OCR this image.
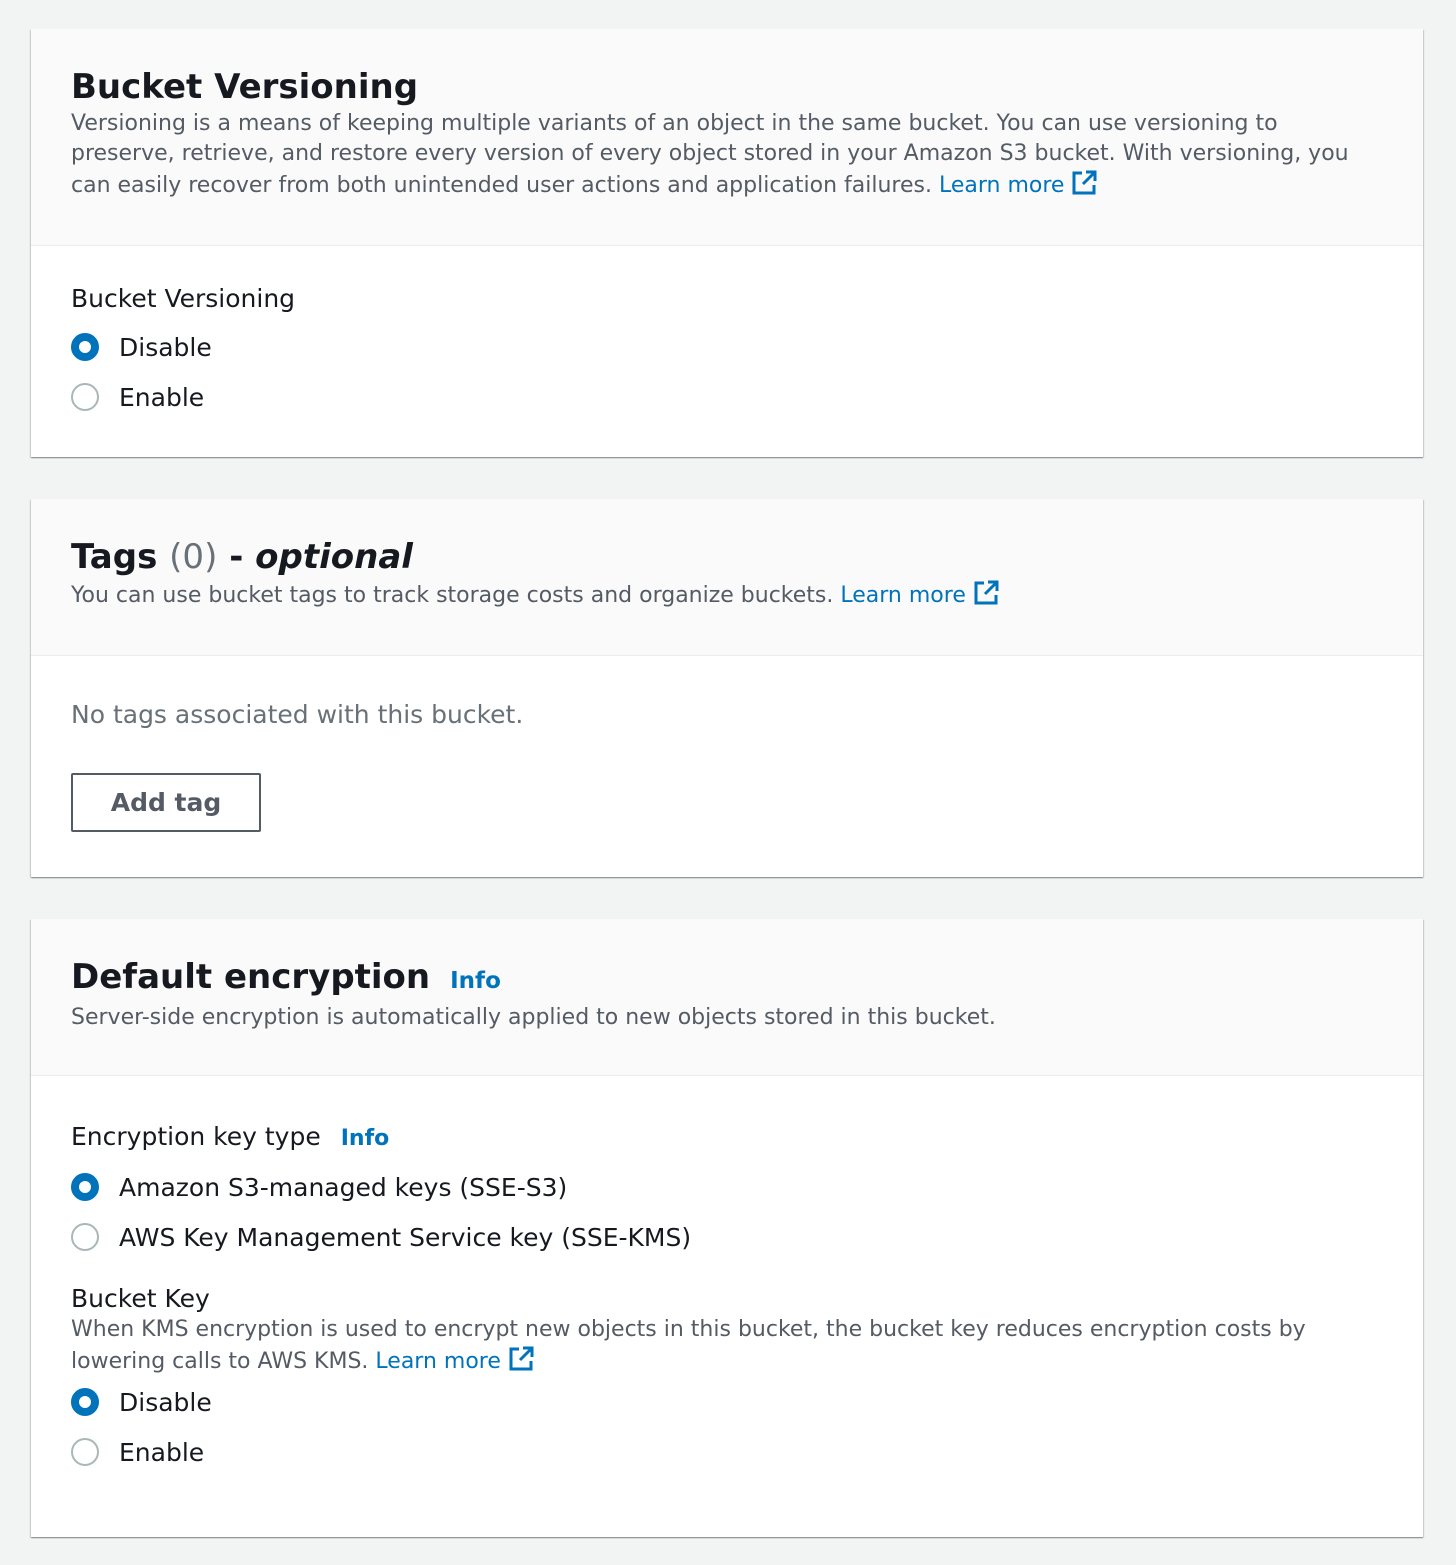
Bucket Versioning
Versioning is a means of keeping multiple variants of an object in the same bucket. You can use versioning to preserve, retrieve, and restore every version of every object stored in your Amazon S3 bucket. With versioning, you can easily recover from both unintended user actions and application failures. Learn more
Bucket Versioning
Disable
Enable
Tags
(0)
-
optional
You can use bucket tags to track storage costs and organize buckets. Learn more
No tags associated with this bucket.
Add tag
Default encryption Info
Server-side encryption is automatically applied to new objects stored in this bucket.
Encryption key type Info
Amazon S3-managed keys (SSE-S3)
AWS Key Management Service key (SSE-KMS)
Bucket Key
When KMS encryption is used to encrypt new objects in this bucket, the bucket key reduces encryption costs by lowering calls to AWS KMS. Learn more
Disable
Enable
